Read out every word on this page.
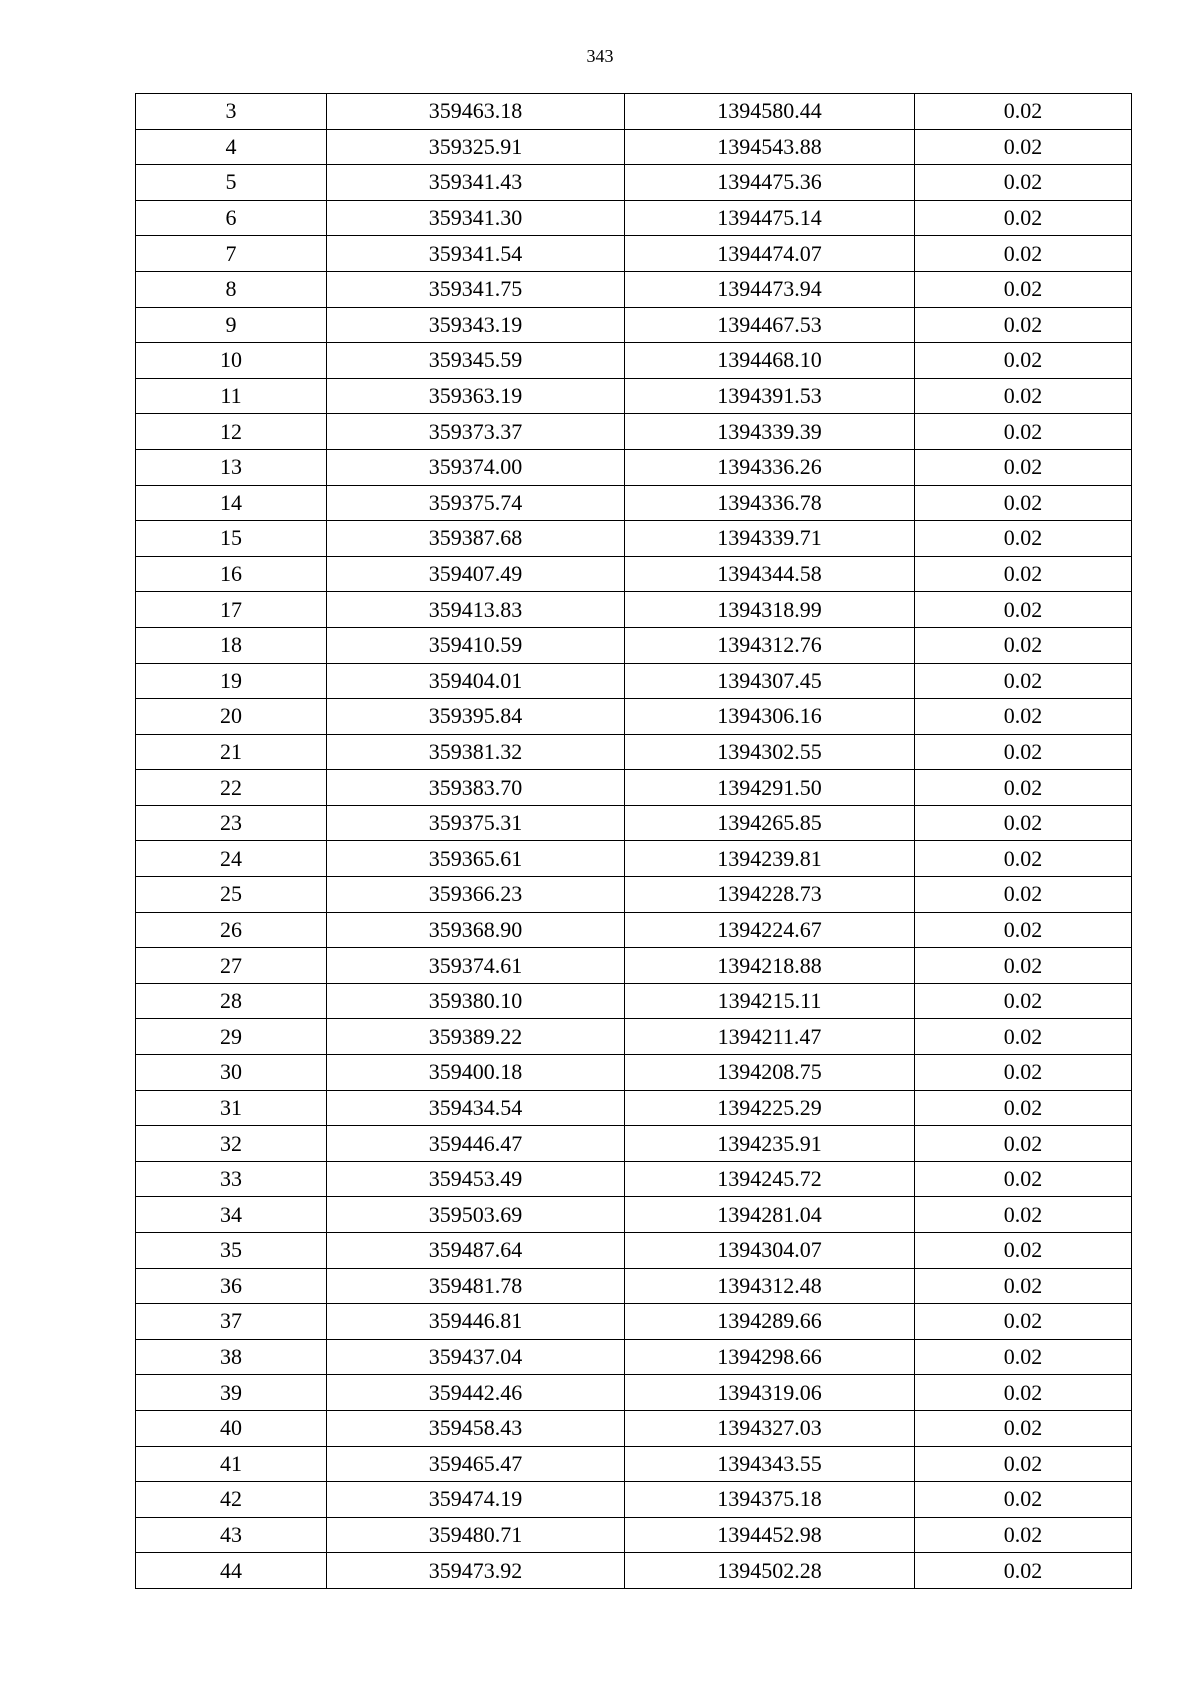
343
3	359463.18	1394580.44	0.02
4	359325.91	1394543.88	0.02
5	359341.43	1394475.36	0.02
6	359341.30	1394475.14	0.02
7	359341.54	1394474.07	0.02
8	359341.75	1394473.94	0.02
9	359343.19	1394467.53	0.02
10	359345.59	1394468.10	0.02
11	359363.19	1394391.53	0.02
12	359373.37	1394339.39	0.02
13	359374.00	1394336.26	0.02
14	359375.74	1394336.78	0.02
15	359387.68	1394339.71	0.02
16	359407.49	1394344.58	0.02
17	359413.83	1394318.99	0.02
18	359410.59	1394312.76	0.02
19	359404.01	1394307.45	0.02
20	359395.84	1394306.16	0.02
21	359381.32	1394302.55	0.02
22	359383.70	1394291.50	0.02
23	359375.31	1394265.85	0.02
24	359365.61	1394239.81	0.02
25	359366.23	1394228.73	0.02
26	359368.90	1394224.67	0.02
27	359374.61	1394218.88	0.02
28	359380.10	1394215.11	0.02
29	359389.22	1394211.47	0.02
30	359400.18	1394208.75	0.02
31	359434.54	1394225.29	0.02
32	359446.47	1394235.91	0.02
33	359453.49	1394245.72	0.02
34	359503.69	1394281.04	0.02
35	359487.64	1394304.07	0.02
36	359481.78	1394312.48	0.02
37	359446.81	1394289.66	0.02
38	359437.04	1394298.66	0.02
39	359442.46	1394319.06	0.02
40	359458.43	1394327.03	0.02
41	359465.47	1394343.55	0.02
42	359474.19	1394375.18	0.02
43	359480.71	1394452.98	0.02
44	359473.92	1394502.28	0.02
